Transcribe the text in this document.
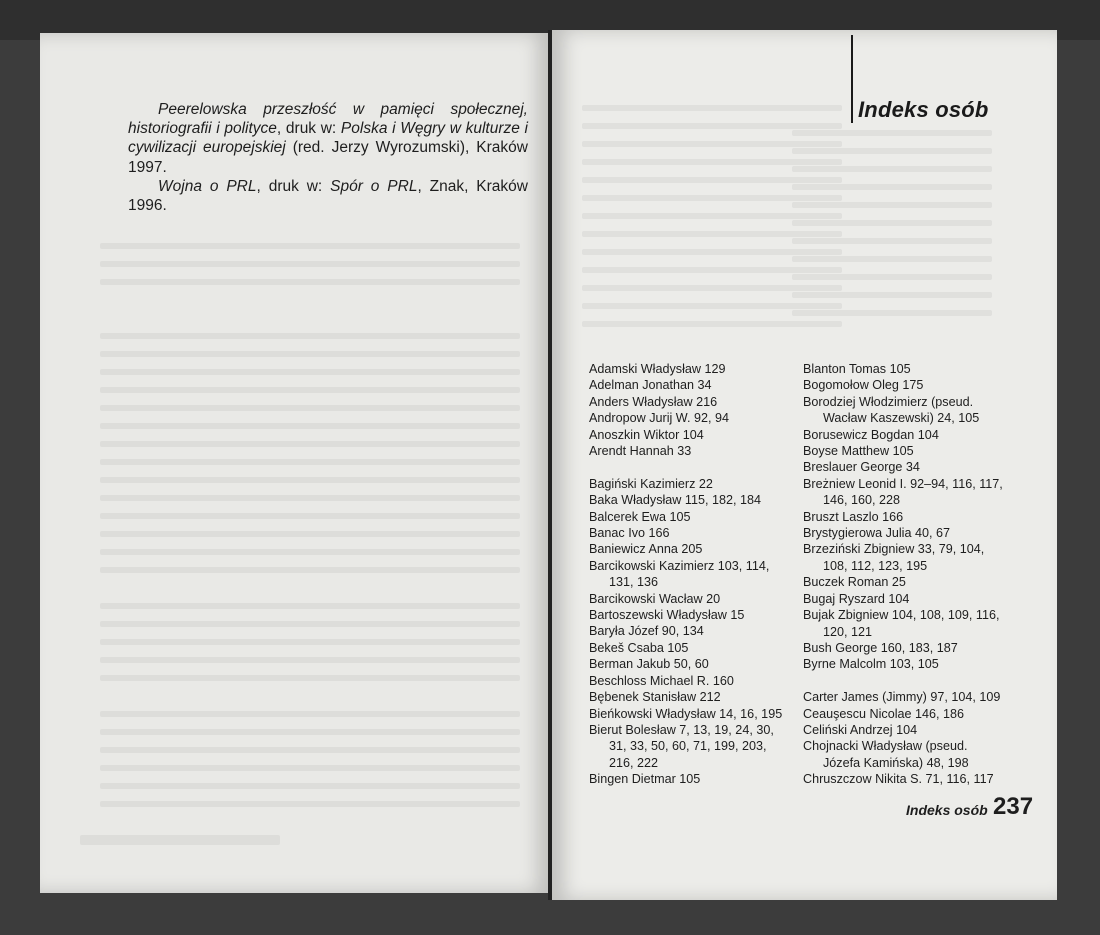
Peerelowska przeszłość w pamięci społecznej, historiografii i polityce, druk w: Polska i Węgry w kulturze i cywilizacji europejskiej (red. Jerzy Wyrozumski), Kraków 1997.

Wojna o PRL, druk w: Spór o PRL, Znak, Kraków 1996.

Indeks osób
Adamski Władysław 129
Adelman Jonathan 34
Anders Władysław 216
Andropow Jurij W. 92, 94
Anoszkin Wiktor 104
Arendt Hannah 33
Bagiński Kazimierz 22
Baka Władysław 115, 182, 184
Balcerek Ewa 105
Banac Ivo 166
Baniewicz Anna 205
Barcikowski Kazimierz 103, 114, 131, 136
Barcikowski Wacław 20
Bartoszewski Władysław 15
Baryła Józef 90, 134
Bekeš Csaba 105
Berman Jakub 50, 60
Beschloss Michael R. 160
Bębenek Stanisław 212
Bieńkowski Władysław 14, 16, 195
Bierut Bolesław 7, 13, 19, 24, 30, 31, 33, 50, 60, 71, 199, 203, 216, 222
Bingen Dietmar 105
Blanton Tomas 105
Bogomołow Oleg 175
Borodziej Włodzimierz (pseud. Wacław Kaszewski) 24, 105
Borusewicz Bogdan 104
Boyse Matthew 105
Breslauer George 34
Breżniew Leonid I. 92–94, 116, 117, 146, 160, 228
Bruszt Laszlo 166
Brystygierowa Julia 40, 67
Brzeziński Zbigniew 33, 79, 104, 108, 112, 123, 195
Buczek Roman 25
Bugaj Ryszard 104
Bujak Zbigniew 104, 108, 109, 116, 120, 121
Bush George 160, 183, 187
Byrne Malcolm 103, 105
Carter James (Jimmy) 97, 104, 109
Ceauşescu Nicolae 146, 186
Celiński Andrzej 104
Chojnacki Władysław (pseud. Józefa Kamińska) 48, 198
Chruszczow Nikita S. 71, 116, 117
Indeks osób 237
